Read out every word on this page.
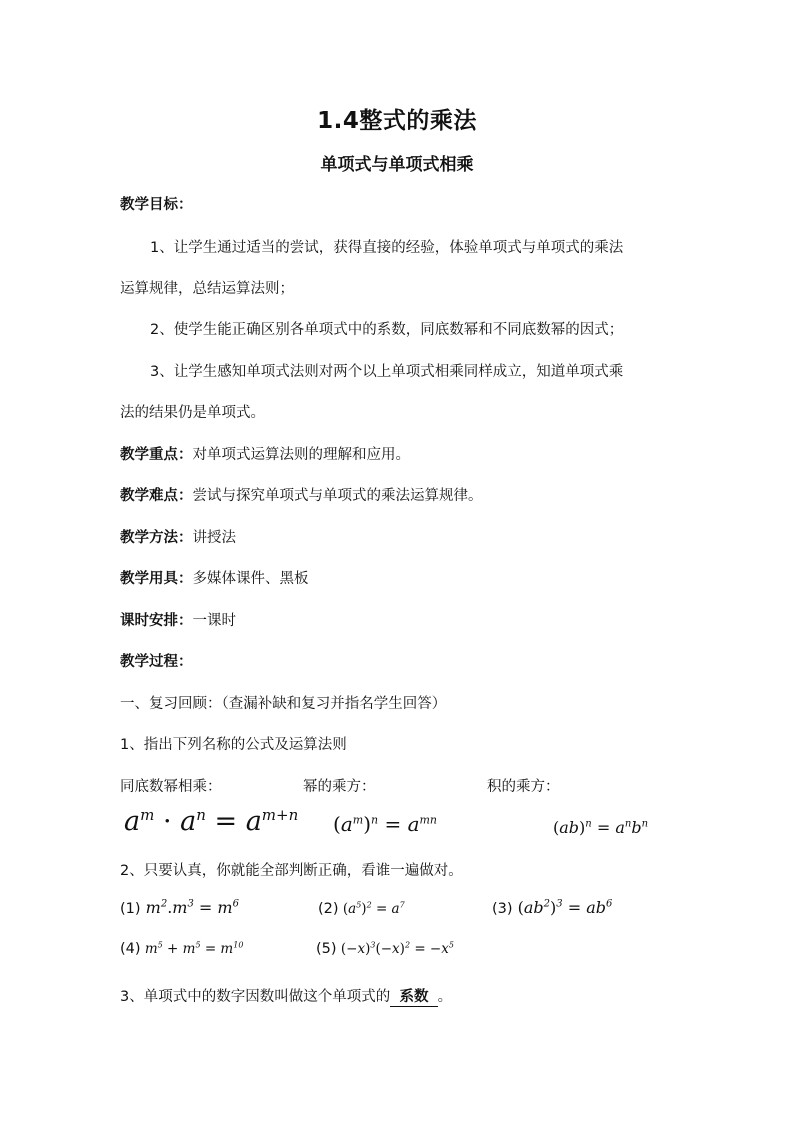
1.4整式的乘法
单项式与单项式相乘
教学目标：
1、让学生通过适当的尝试，获得直接的经验，体验单项式与单项式的乘法
运算规律，总结运算法则；
2、使学生能正确区别各单项式中的系数，同底数幂和不同底数幂的因式；
3、让学生感知单项式法则对两个以上单项式相乘同样成立，知道单项式乘
法的结果仍是单项式。
教学重点：对单项式运算法则的理解和应用。
教学难点：尝试与探究单项式与单项式的乘法运算规律。
教学方法：讲授法
教学用具：多媒体课件、黑板
课时安排：一课时
教学过程：
一、复习回顾：（查漏补缺和复习并指名学生回答）
1、指出下列名称的公式及运算法则
同底数幂相乘：	幂的乘方：	积的乘方：
$a^m \cdot a^n = a^{m+n}$ $(a^m)^n = a^{mn}$	$(ab)^n = a^nb^n$
2、只要认真，你就能全部判断正确，看谁一遍做对。
(1) $m^2.m^3 = m^6$	(2) $(a^5)^2 = a^7$	(3) $(ab^2)^3 = ab^6$
(4) $m^5 + m^5 = m^{10}$	(5) $(-x)^3(-x)^2 = -x^5$
3、单项式中的数字因数叫做这个单项式的 系数 。
